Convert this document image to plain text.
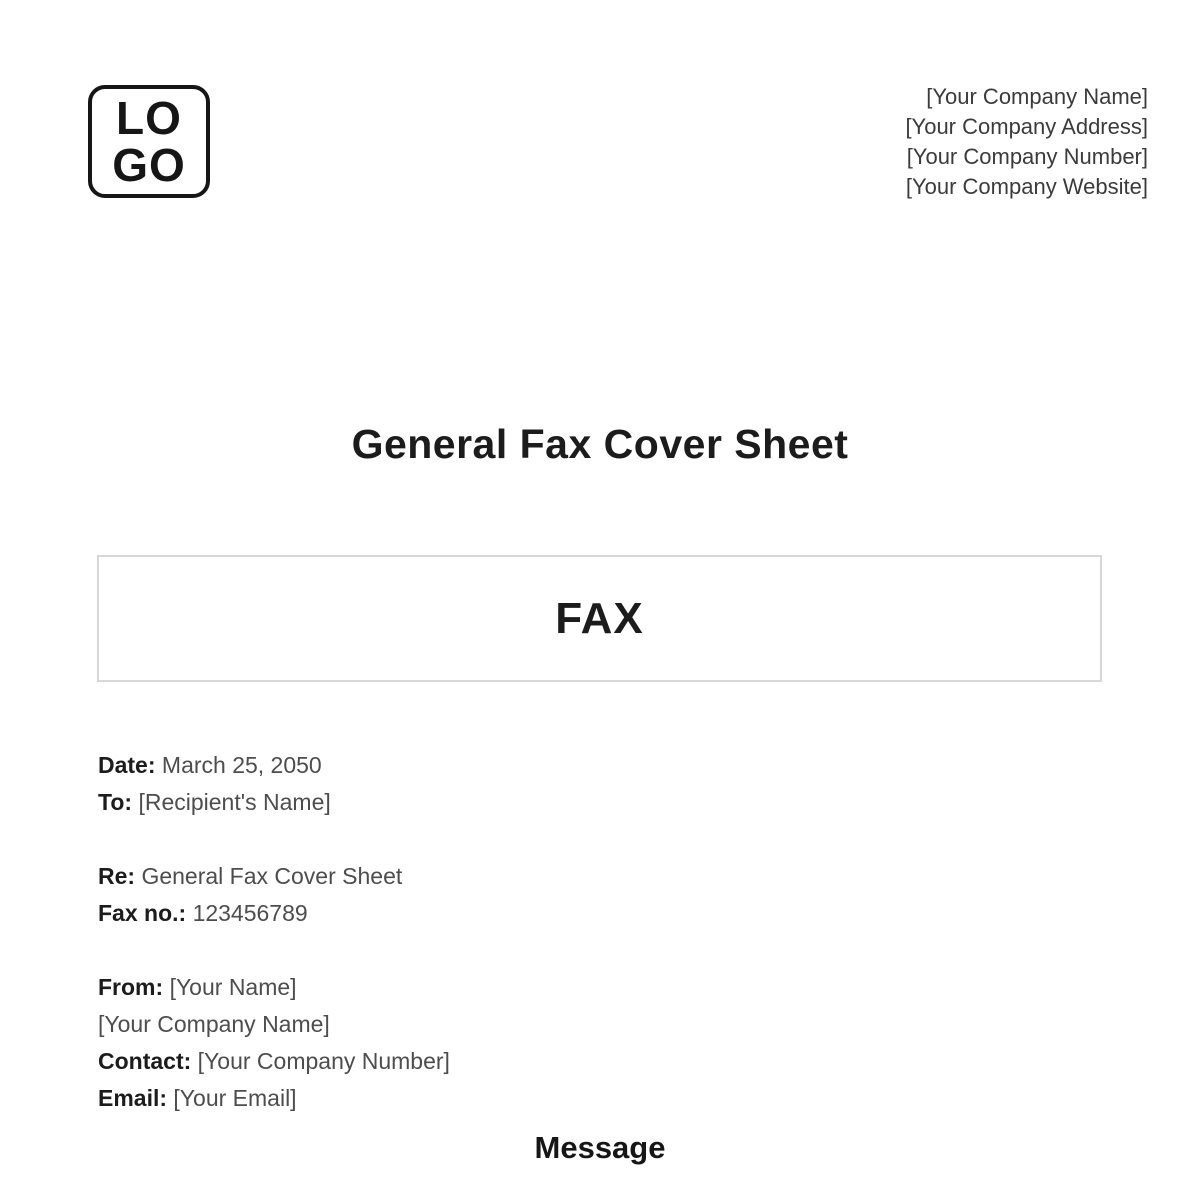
LO
GO
[Your Company Name]
[Your Company Address]
[Your Company Number]
[Your Company Website]
General Fax Cover Sheet
FAX
Date: March 25, 2050
To: [Recipient's Name]
Re: General Fax Cover Sheet
Fax no.: 123456789
From: [Your Name]
[Your Company Name]
Contact: [Your Company Number]
Email: [Your Email]
Message
